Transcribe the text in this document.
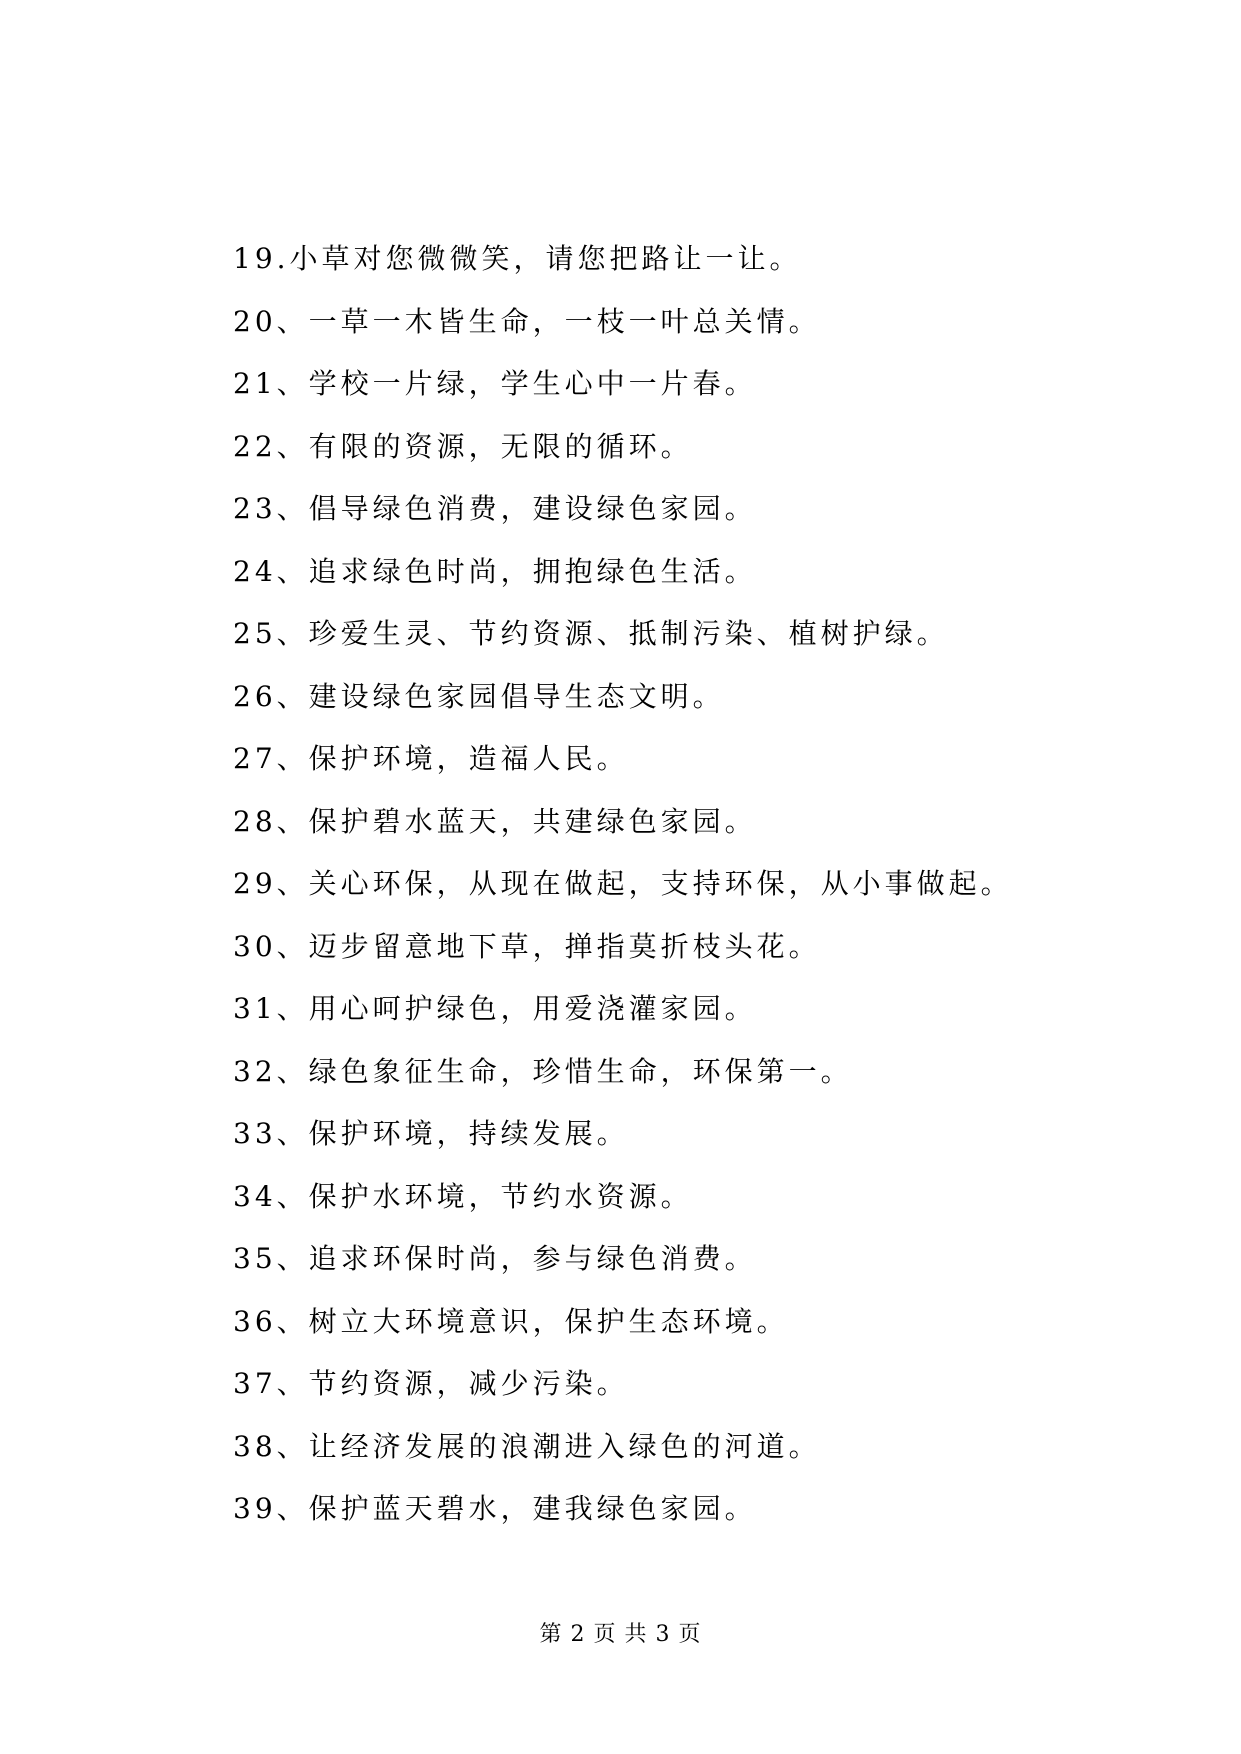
19.小草对您微微笑，请您把路让一让。
20、一草一木皆生命，一枝一叶总关情。
21、学校一片绿，学生心中一片春。
22、有限的资源，无限的循环。
23、倡导绿色消费，建设绿色家园。
24、追求绿色时尚，拥抱绿色生活。
25、珍爱生灵、节约资源、抵制污染、植树护绿。
26、建设绿色家园倡导生态文明。
27、保护环境，造福人民。
28、保护碧水蓝天，共建绿色家园。
29、关心环保，从现在做起，支持环保，从小事做起。
30、迈步留意地下草，掸指莫折枝头花。
31、用心呵护绿色，用爱浇灌家园。
32、绿色象征生命，珍惜生命，环保第一。
33、保护环境，持续发展。
34、保护水环境，节约水资源。
35、追求环保时尚，参与绿色消费。
36、树立大环境意识，保护生态环境。
37、节约资源，减少污染。
38、让经济发展的浪潮进入绿色的河道。
39、保护蓝天碧水，建我绿色家园。
第 2 页 共 3 页
